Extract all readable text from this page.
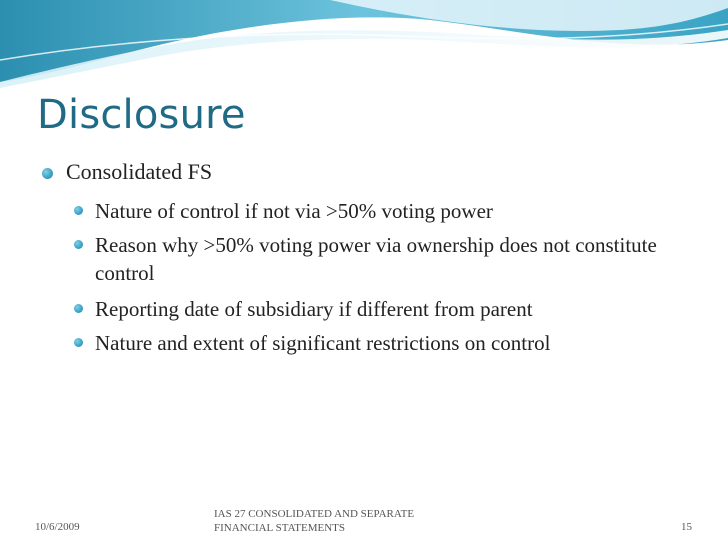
Disclosure
Consolidated FS
Nature of control if not via >50% voting power
Reason why >50% voting power via ownership does not constitute control
Reporting date of subsidiary if different from parent
Nature and extent of significant restrictions on control
10/6/2009
IAS 27 CONSOLIDATED AND SEPARATE
FINANCIAL STATEMENTS	15
